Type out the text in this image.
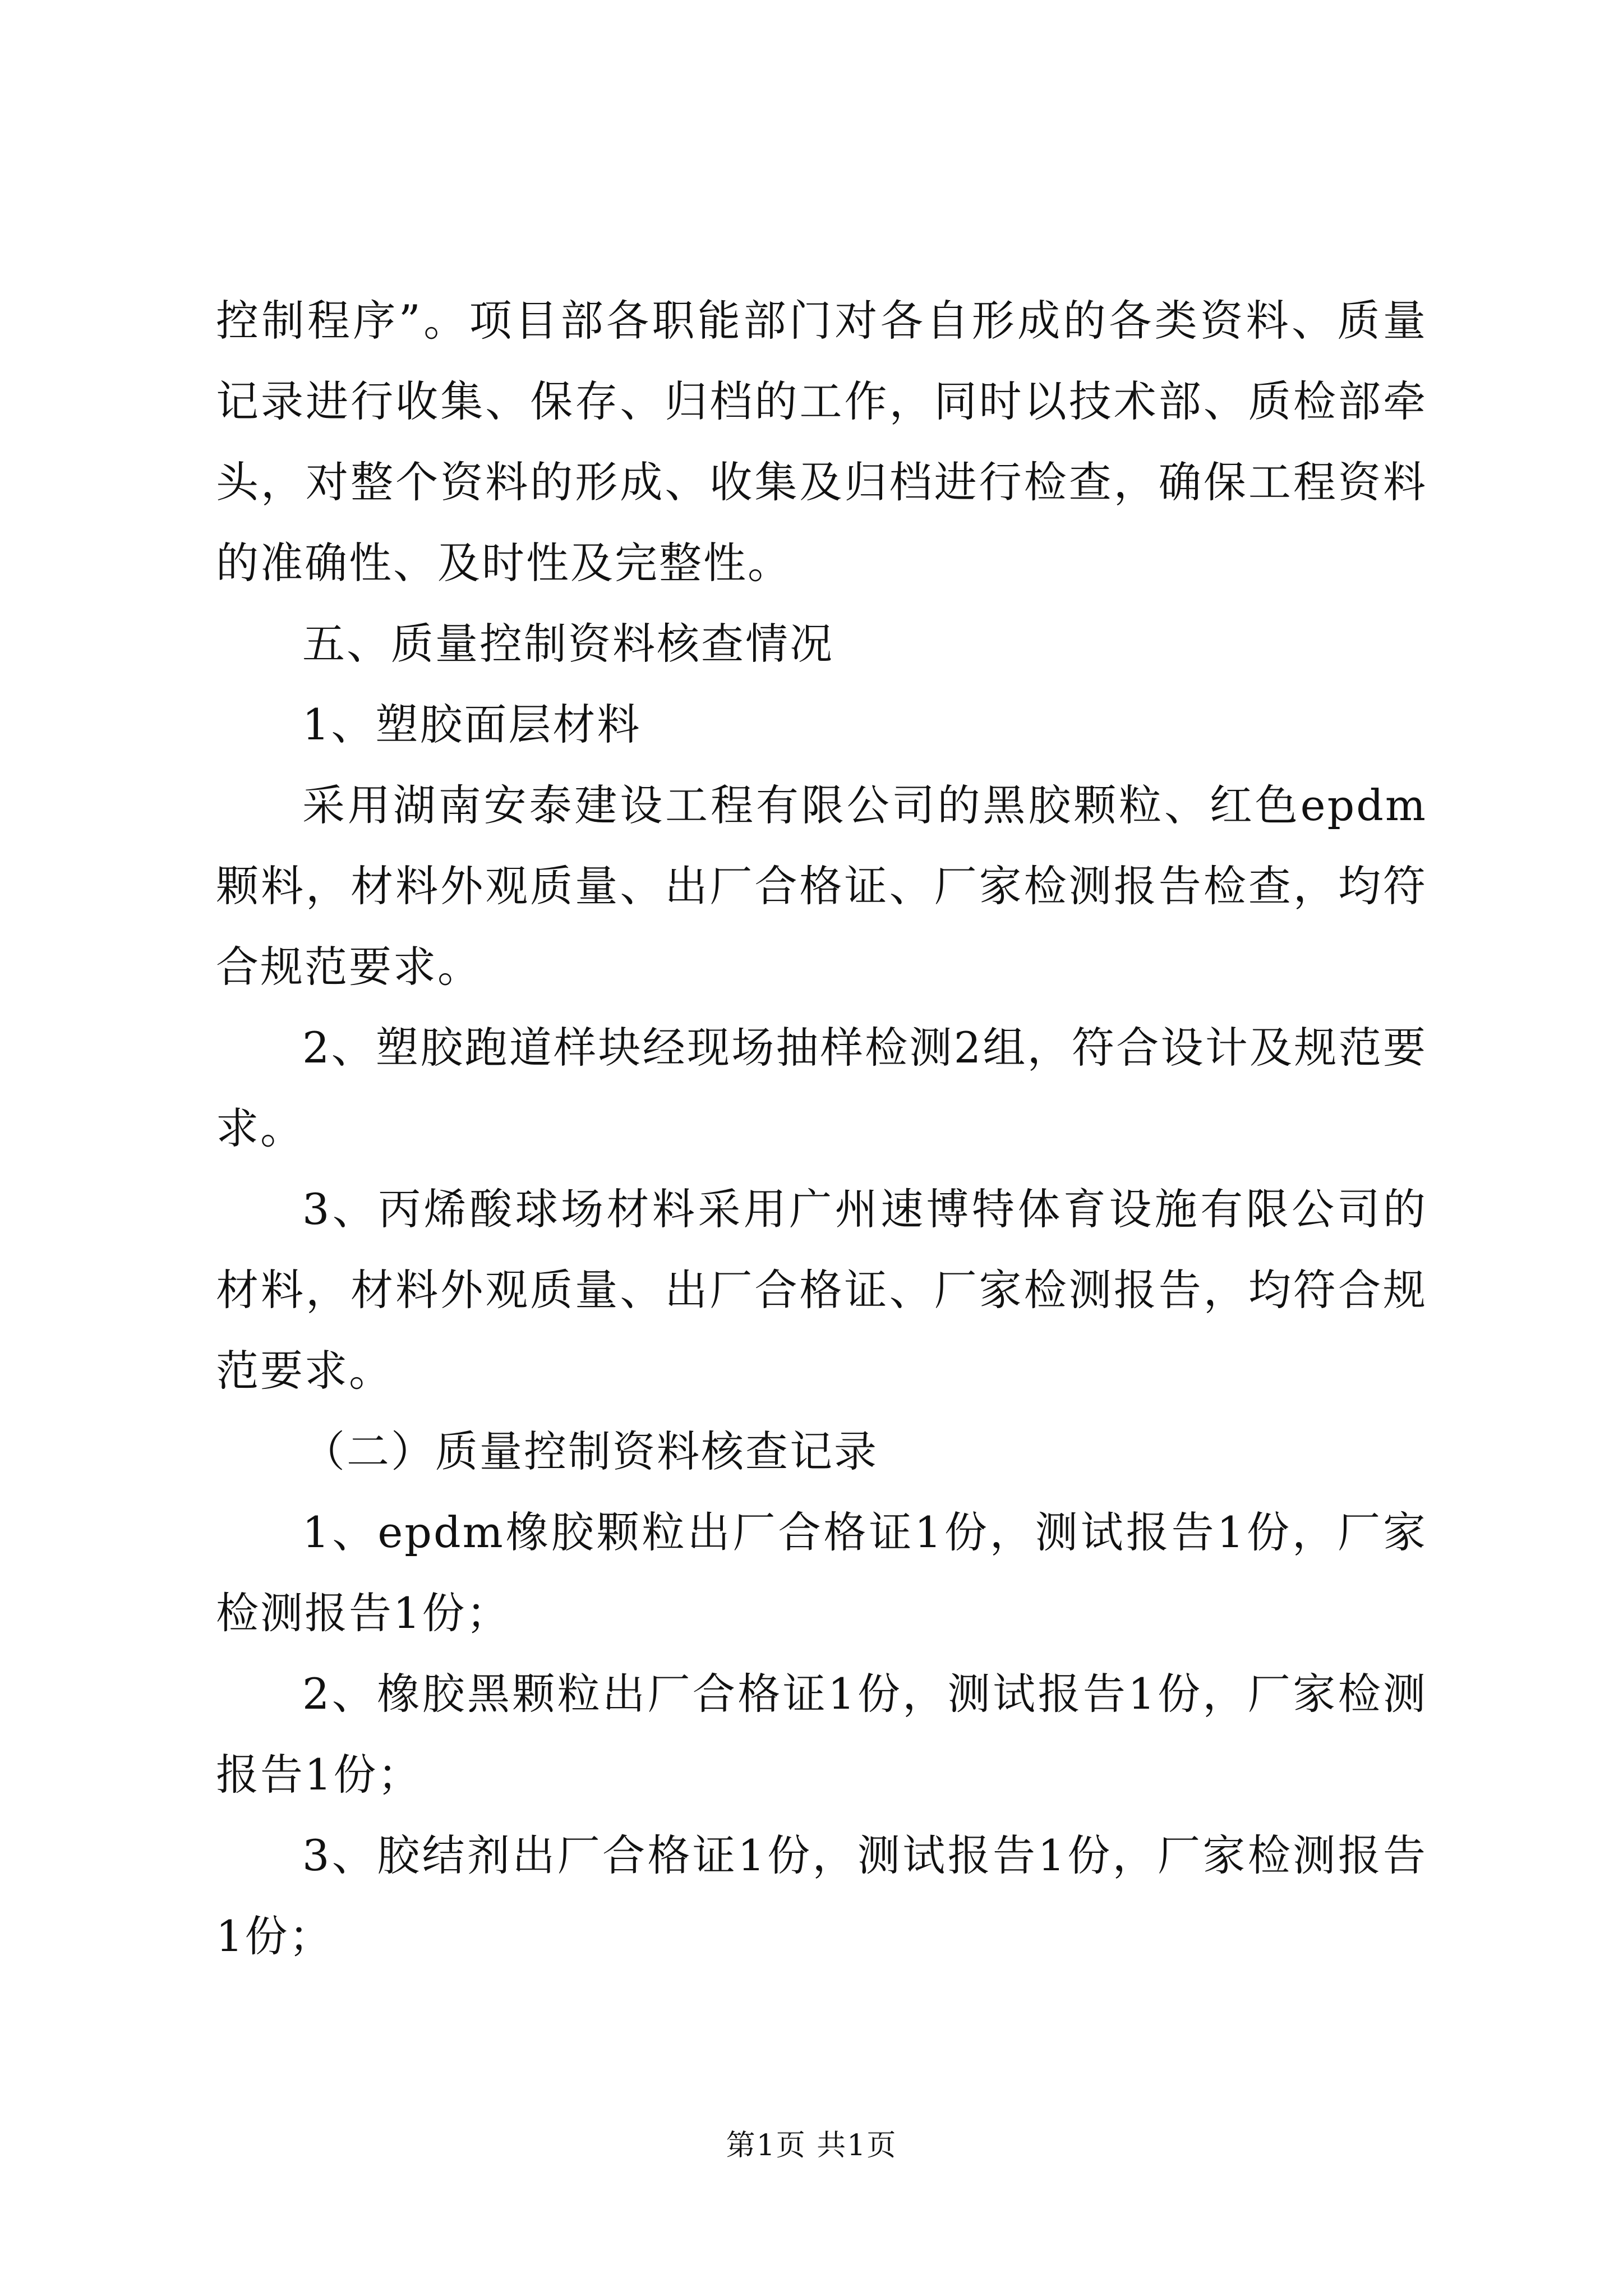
控制程序”。项目部各职能部门对各自形成的各类资料、质量记录进行收集、保存、归档的工作，同时以技术部、质检部牵头，对整个资料的形成、收集及归档进行检查，确保工程资料的准确性、及时性及完整性。

五、质量控制资料核查情况

1、塑胶面层材料

采用湖南安泰建设工程有限公司的黑胶颗粒、红色epdm颗料，材料外观质量、出厂合格证、厂家检测报告检查，均符合规范要求。

2、塑胶跑道样块经现场抽样检测2组，符合设计及规范要求。

3、丙烯酸球场材料采用广州速博特体育设施有限公司的材料，材料外观质量、出厂合格证、厂家检测报告，均符合规范要求。

（二）质量控制资料核查记录

1、epdm橡胶颗粒出厂合格证1份，测试报告1份，厂家检测报告1份；

2、橡胶黑颗粒出厂合格证1份，测试报告1份，厂家检测报告1份；

3、胶结剂出厂合格证1份，测试报告1份，厂家检测报告1份；

第1页 共1页
